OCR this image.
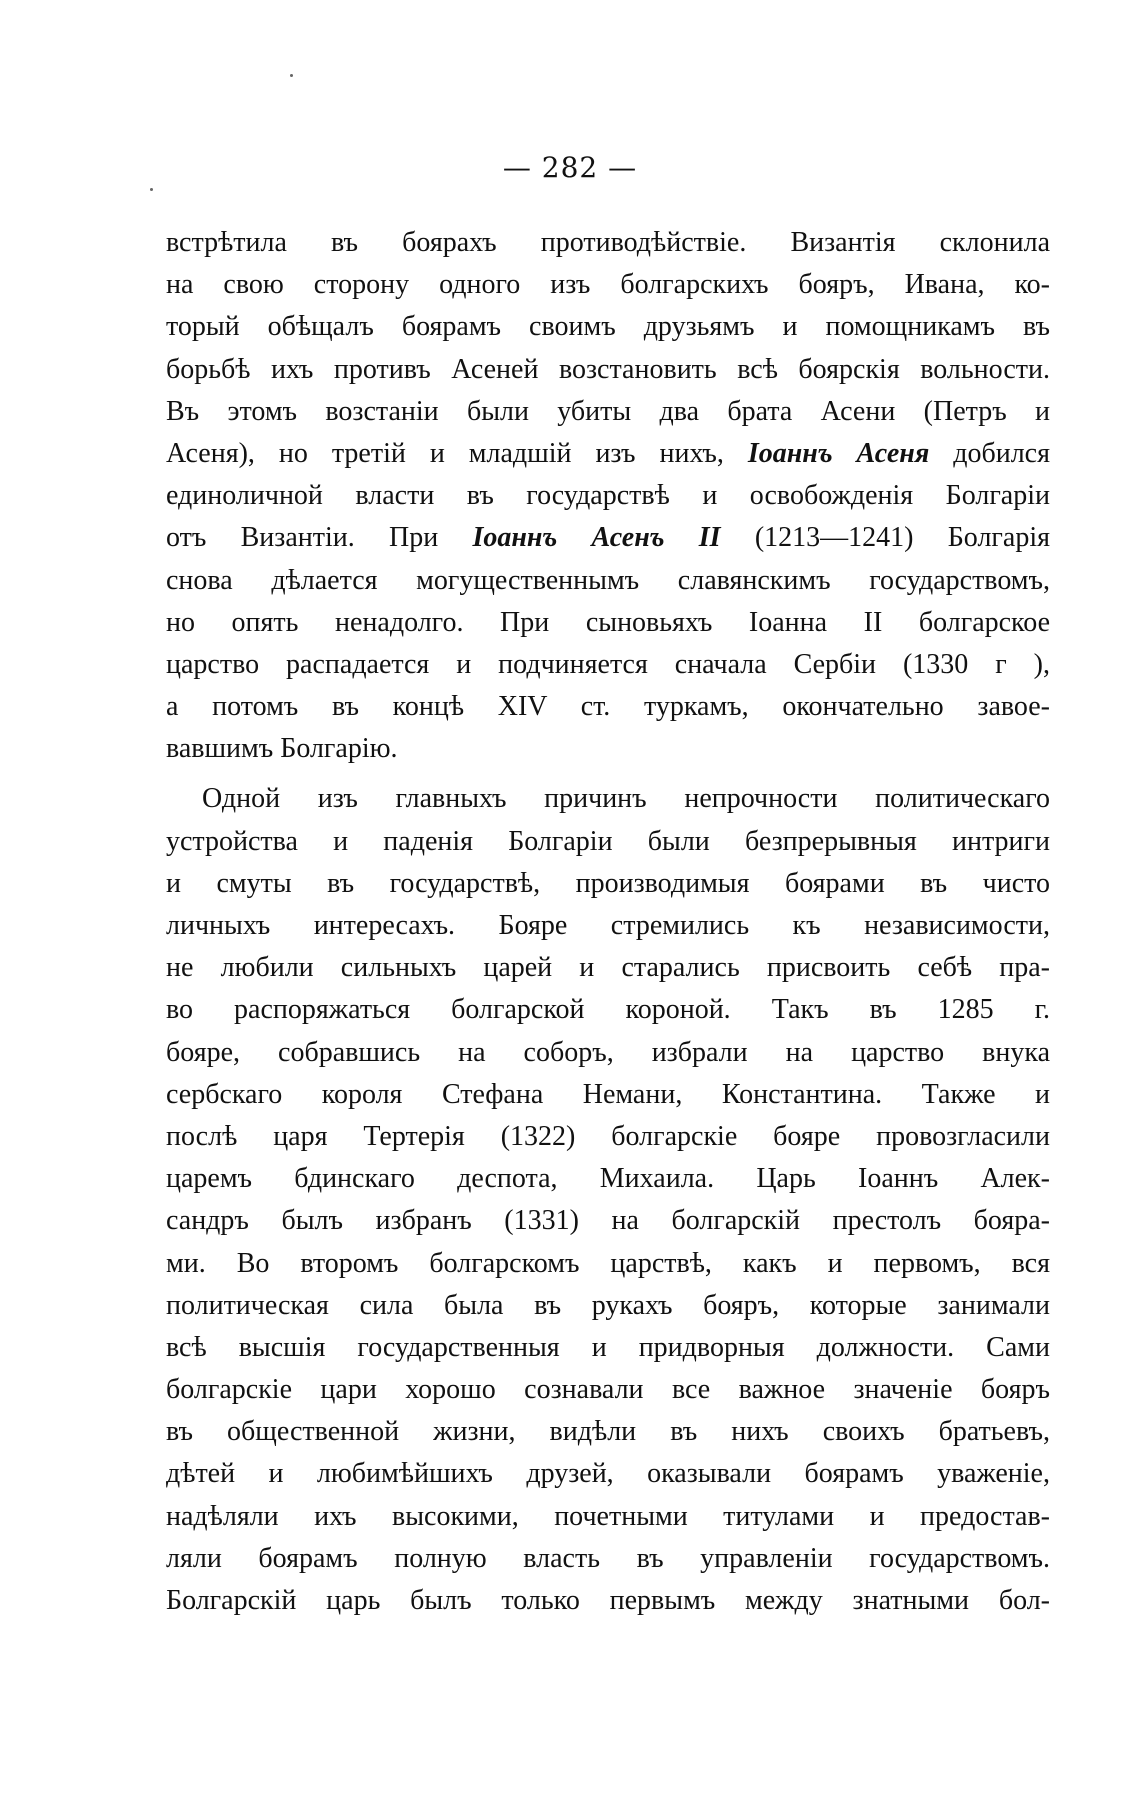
— 282 —
встрѣтила въ боярахъ противодѣйствіе. Византія склонила
на свою сторону одного изъ болгарскихъ бояръ, Ивана, ко-
торый обѣщалъ боярамъ своимъ друзьямъ и помощникамъ въ
борьбѣ ихъ противъ Асеней возстановить всѣ боярскія вольности.
Въ этомъ возстаніи были убиты два брата Асени (Петръ и
Асеня), но третій и младшій изъ нихъ, Іоаннъ Асеня добился
единоличной власти въ государствѣ и освобожденія Болгаріи
отъ Византіи. При Іоаннъ Асенъ II (1213—1241) Болгарія
снова дѣлается могущественнымъ славянскимъ государствомъ,
но опять ненадолго. При сыновьяхъ Іоанна II болгарское
царство распадается и подчиняется сначала Сербіи (1330 г ),
а потомъ въ концѣ XIV ст. туркамъ, окончательно завое-
вавшимъ Болгарію.
Одной изъ главныхъ причинъ непрочности политическаго
устройства и паденія Болгаріи были безпрерывныя интриги
и смуты въ государствѣ, производимыя боярами въ чисто
личныхъ интересахъ. Бояре стремились къ независимости,
не любили сильныхъ царей и старались присвоить себѣ пра-
во распоряжаться болгарской короной. Такъ въ 1285 г.
бояре, собравшись на соборъ, избрали на царство внука
сербскаго короля Стефана Немани, Константина. Также и
послѣ царя Тертерія (1322) болгарскіе бояре провозгласили
царемъ бдинскаго деспота, Михаила. Царь Іоаннъ Алек-
сандръ былъ избранъ (1331) на болгарскій престолъ бояра-
ми. Во второмъ болгарскомъ царствѣ, какъ и первомъ, вся
политическая сила была въ рукахъ бояръ, которые занимали
всѣ высшія государственныя и придворныя должности. Сами
болгарскіе цари хорошо сознавали все важное значеніе бояръ
въ общественной жизни, видѣли въ нихъ своихъ братьевъ,
дѣтей и любимѣйшихъ друзей, оказывали боярамъ уваженіе,
надѣляли ихъ высокими, почетными титулами и предостав-
ляли боярамъ полную власть въ управленіи государствомъ.
Болгарскій царь былъ только первымъ между знатными бол-
